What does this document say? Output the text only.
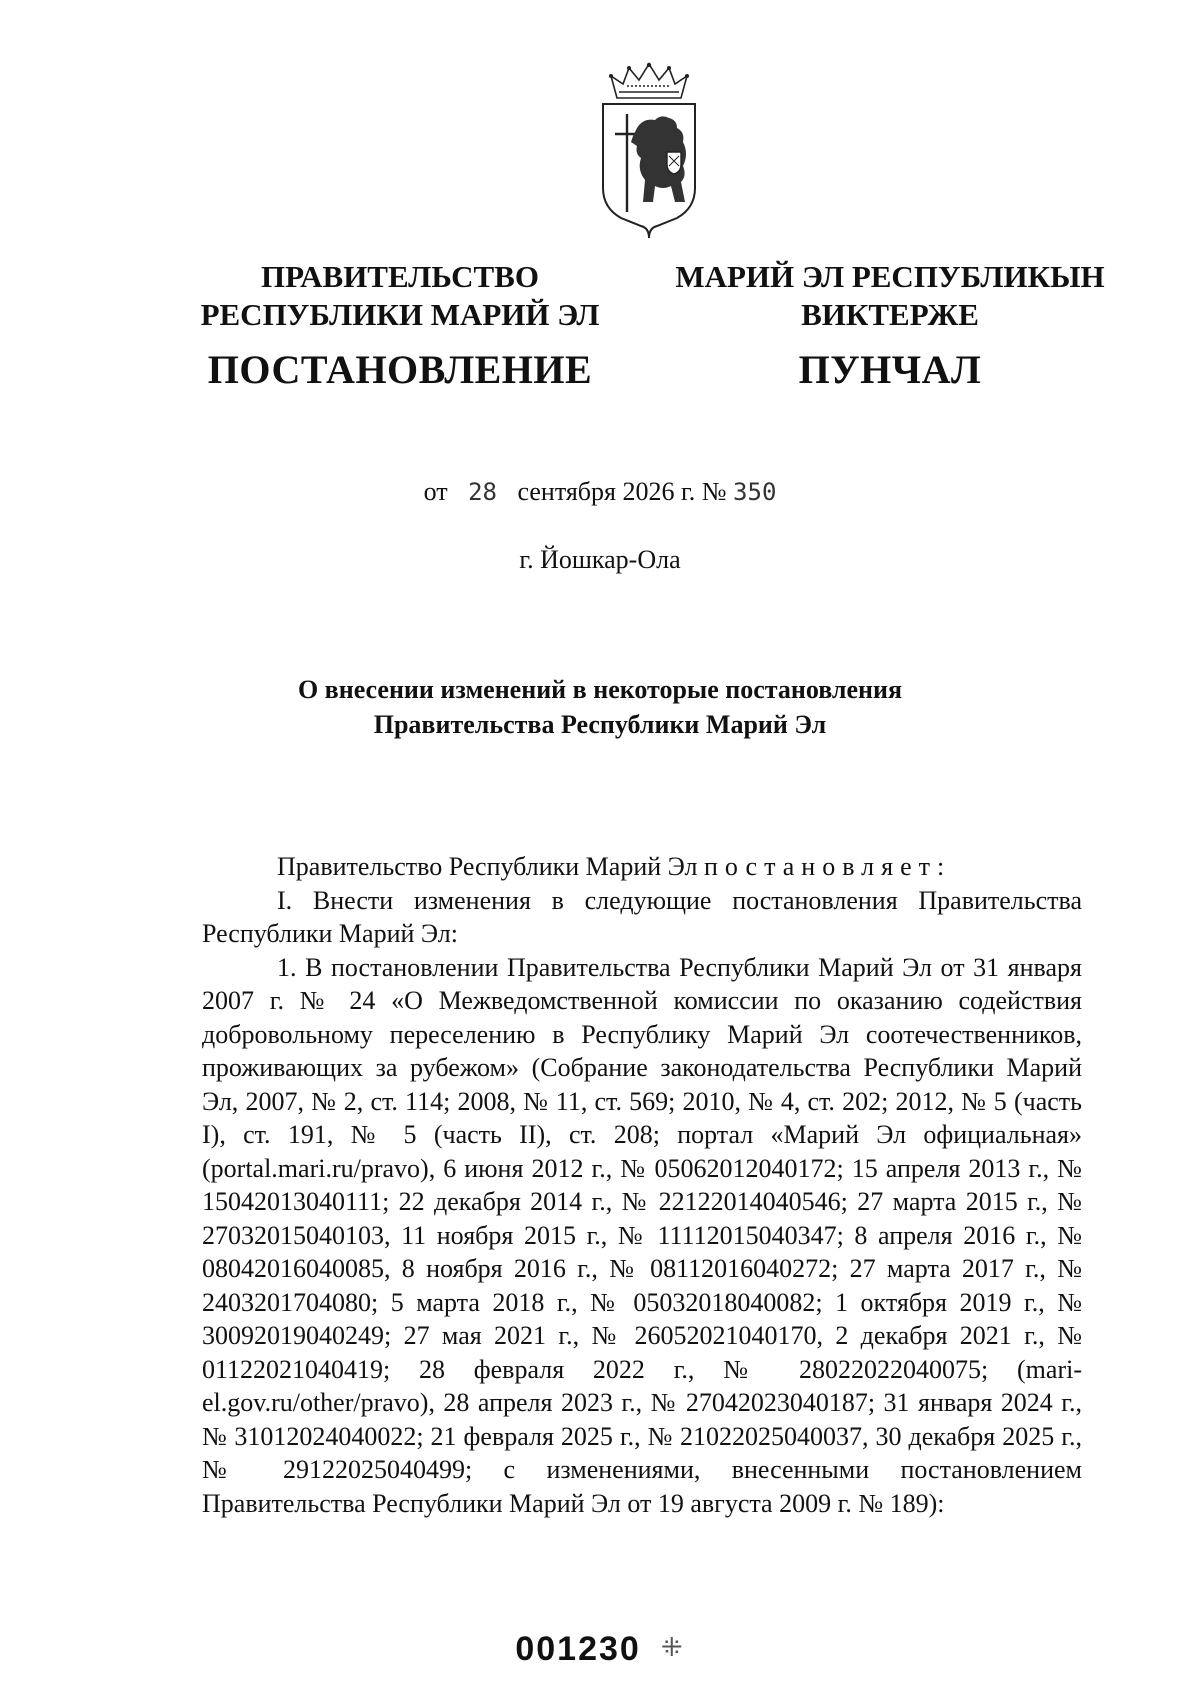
ПРАВИТЕЛЬСТВО
РЕСПУБЛИКИ МАРИЙ ЭЛ
ПОСТАНОВЛЕНИЕ
МАРИЙ ЭЛ РЕСПУБЛИКЫН
ВИКТЕРЖЕ
ПУНЧАЛ
от 28 сентября 2026 г. № 350
г. Йошкар-Ола
О внесении изменений в некоторые постановления
Правительства Республики Марий Эл

Правительство Республики Марий Эл постановляет:

I. Внести изменения в следующие постановления Правительства Республики Марий Эл:

1. В постановлении Правительства Республики Марий Эл от 31 января 2007 г. № 24 «О Межведомственной комиссии по оказанию содействия добровольному переселению в Республику Марий Эл соотечественников, проживающих за рубежом» (Собрание законодательства Республики Марий Эл, 2007, № 2, ст. 114; 2008, № 11, ст. 569; 2010, № 4, ст. 202; 2012, № 5 (часть I), ст. 191, № 5 (часть II), ст. 208; портал «Марий Эл официальная» (portal.mari.ru/pravo), 6 июня 2012 г., № 05062012040172; 15 апреля 2013 г., № 15042013040111; 22 декабря 2014 г., № 22122014040546; 27 марта 2015 г., № 27032015040103, 11 ноября 2015 г., № 11112015040347; 8 апреля 2016 г., № 08042016040085, 8 ноября 2016 г., № 08112016040272; 27 марта 2017 г., № 2403201704080; 5 марта 2018 г., № 05032018040082; 1 октября 2019 г., № 30092019040249; 27 мая 2021 г., № 26052021040170, 2 декабря 2021 г., № 01122021040419; 28 февраля 2022 г., № 28022022040075; (mari-el.gov.ru/other/pravo), 28 апреля 2023 г., № 27042023040187; 31 января 2024 г., № 31012024040022; 21 февраля 2025 г., № 21022025040037, 30 декабря 2025 г., № 29122025040499; с изменениями, внесенными постановлением Правительства Республики Марий Эл от 19 августа 2009 г. № 189):

001230 ⁜
